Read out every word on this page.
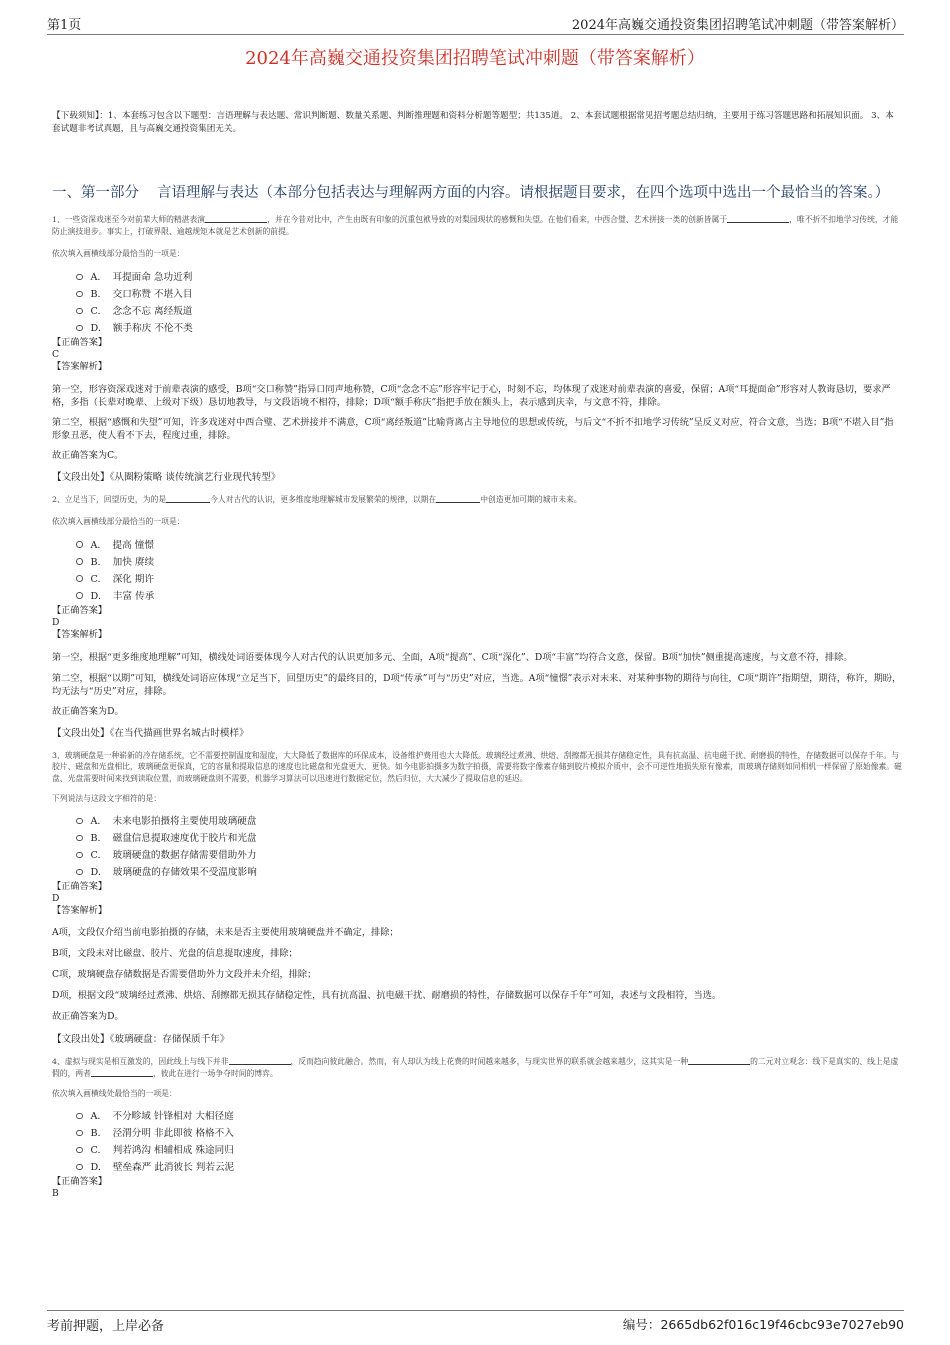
第1页	2024年高巍交通投资集团招聘笔试冲刺题（带答案解析）
2024年高巍交通投资集团招聘笔试冲刺题（带答案解析）

【下载须知】：1、本套练习包含以下题型：言语理解与表达题、常识判断题、数量关系题、判断推理题和资料分析题等题型；共135道。 2、本套试题根据常见招考题总结归纳，主要用于练习答题思路和拓展知识面。 3、本套试题非考试真题，且与高巍交通投资集团无关。

一、第一部分 言语理解与表达（本部分包括表达与理解两方面的内容。请根据题目要求，在四个选项中选出一个最恰当的答案。）

1、一些资深戏迷至今对前辈大师的精湛表演	，并在今昔对比中，产生由既有印象的沉重包袱导致的对梨园现状的感慨和失望。在他们看来，中西合璧、艺术拼接一类的创新皆属于	，唯不折不扣地学习传统，才能防止演技退步。事实上，打破界限、逾越规矩本就是艺术创新的前提。

依次填入画横线部分最恰当的一项是：

A. 耳提面命 急功近利
B. 交口称赞 不堪入目
C. 念念不忘 离经叛道
D. 额手称庆 不伦不类

【正确答案】

C

【答案解析】

第一空，形容资深戏迷对于前辈表演的感受，B项“交口称赞”指异口同声地称赞，C项“念念不忘”形容牢记于心，时刻不忘，均体现了戏迷对前辈表演的喜爱，保留；A项“耳提面命”形容对人教诲恳切，要求严格，多指（长辈对晚辈、上级对下级）恳切地教导，与文段语境不相符，排除；D项“额手称庆”指把手放在额头上，表示感到庆幸，与文意不符，排除。

第二空，根据“感慨和失望”可知，许多戏迷对中西合璧、艺术拼接并不满意，C项“离经叛道”比喻背离占主导地位的思想或传统，与后文“不折不扣地学习传统”呈反义对应，符合文意，当选；B项“不堪入目”指形象丑恶，使人看不下去，程度过重，排除。

故正确答案为C。

【文段出处】《从圈粉策略 谈传统演艺行业现代转型》

2、立足当下，回望历史，为的是	今人对古代的认识，更多维度地理解城市发展繁荣的规律，以期在	中创造更加可期的城市未来。

依次填入画横线部分最恰当的一项是：

A. 提高 憧憬
B. 加快 赓续
C. 深化 期许
D. 丰富 传承

【正确答案】

D

【答案解析】

第一空，根据“更多维度地理解”可知，横线处词语要体现今人对古代的认识更加多元、全面，A项“提高”、C项“深化”、D项“丰富”均符合文意，保留。B项“加快”侧重提高速度，与文意不符，排除。

第二空，根据“以期”可知，横线处词语应体现“立足当下，回望历史”的最终目的，D项“传承”可与“历史”对应，当选。A项“憧憬”表示对未来、对某种事物的期待与向往，C项“期许”指期望，期待，称许，期盼，均无法与“历史”对应，排除。

故正确答案为D。

【文段出处】《在当代描画世界名城古时模样》

3、玻璃硬盘是一种崭新的冷存储系统，它不需要控制温度和湿度，大大降低了数据库的环保成本，设备维护费用也大大降低。玻璃经过煮沸、烘焙、刮擦都无损其存储稳定性，具有抗高温、抗电磁干扰、耐磨损的特性，存储数据可以保存千年。与胶片、磁盘和光盘相比，玻璃硬盘更保真，它的容量和提取信息的速度也比磁盘和光盘更大、更快。如今电影拍摄多为数字拍摄，需要将数字像素存储到胶片模拟介质中，会不可逆性地损失原有像素，而玻璃存储则如同相机一样保留了原始像素。磁盘、光盘需要时间来找到读取位置，而玻璃硬盘则不需要，机器学习算法可以迅速进行数据定位，然后归位，大大减少了提取信息的延迟。

下列说法与这段文字相符的是：

A. 未来电影拍摄将主要使用玻璃硬盘
B. 磁盘信息提取速度优于胶片和光盘
C. 玻璃硬盘的数据存储需要借助外力
D. 玻璃硬盘的存储效果不受温度影响

【正确答案】

D

【答案解析】

A项，文段仅介绍当前电影拍摄的存储，未来是否主要使用玻璃硬盘并不确定，排除；

B项，文段未对比磁盘、胶片、光盘的信息提取速度，排除；

C项，玻璃硬盘存储数据是否需要借助外力文段并未介绍，排除；

D项，根据文段“玻璃经过煮沸、烘焙、刮擦都无损其存储稳定性，具有抗高温、抗电磁干扰、耐磨损的特性，存储数据可以保存千年”可知，表述与文段相符，当选。

故正确答案为D。

【文段出处】《玻璃硬盘：存储保质千年》

4、虚拟与现实是相互激发的，因此线上与线下并非	，反而趋向彼此融合。然而，有人却认为线上花费的时间越来越多，与现实世界的联系就会越来越少，这其实是一种	的二元对立观念：线下是真实的、线上是虚假的，两者	，彼此在进行一场争夺时间的博弈。

依次填入画横线处最恰当的一项是：

A. 不分畛域 针锋相对 大相径庭
B. 泾渭分明 非此即彼 格格不入
C. 判若鸿沟 相辅相成 殊途同归
D. 壁垒森严 此消彼长 判若云泥

【正确答案】

B

考前押题，上岸必备	编号：2665db62f016c19f46cbc93e7027eb90
